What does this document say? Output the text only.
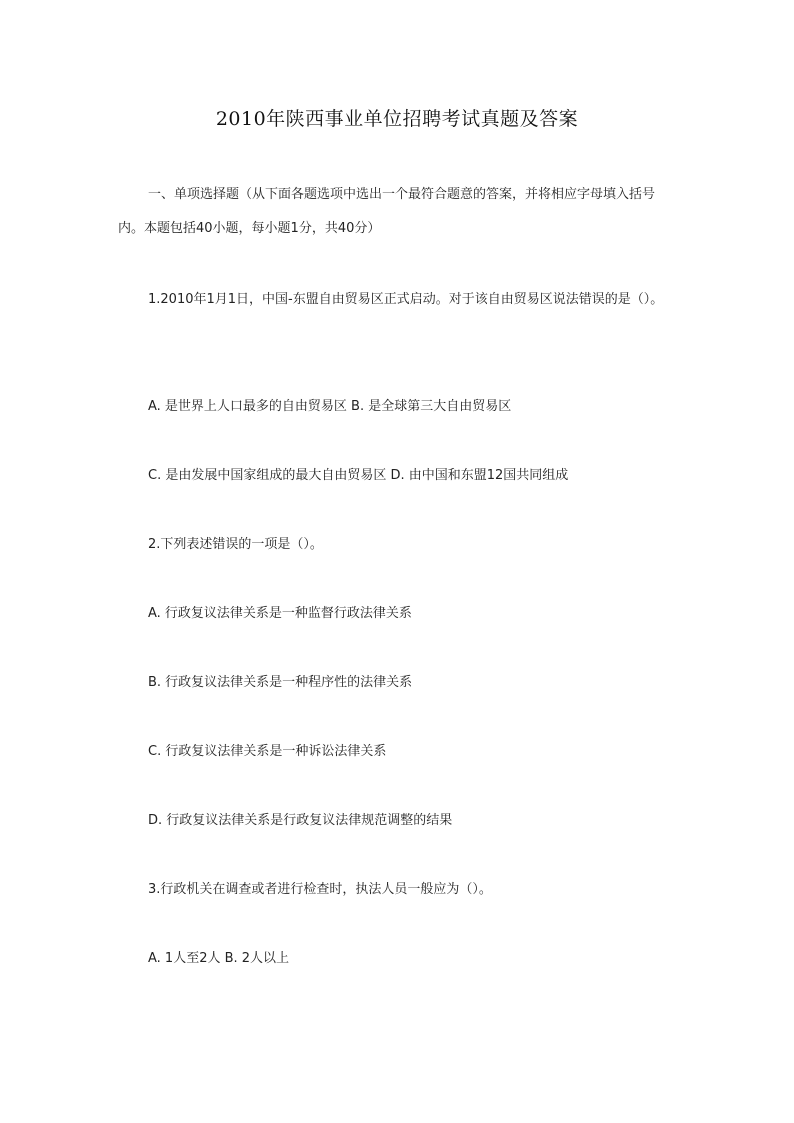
2010年陕西事业单位招聘考试真题及答案

一、单项选择题（从下面各题选项中选出一个最符合题意的答案，并将相应字母填入括号内。本题包括40小题，每小题1分，共40分）

1.2010年1月1日，中国-东盟自由贸易区正式启动。对于该自由贸易区说法错误的是（）。

A. 是世界上人口最多的自由贸易区 B. 是全球第三大自由贸易区
C. 是由发展中国家组成的最大自由贸易区 D. 由中国和东盟12国共同组成
2.下列表述错误的一项是（）。
A. 行政复议法律关系是一种监督行政法律关系
B. 行政复议法律关系是一种程序性的法律关系
C. 行政复议法律关系是一种诉讼法律关系
D. 行政复议法律关系是行政复议法律规范调整的结果
3.行政机关在调查或者进行检查时，执法人员一般应为（）。
A. 1人至2人 B. 2人以上
